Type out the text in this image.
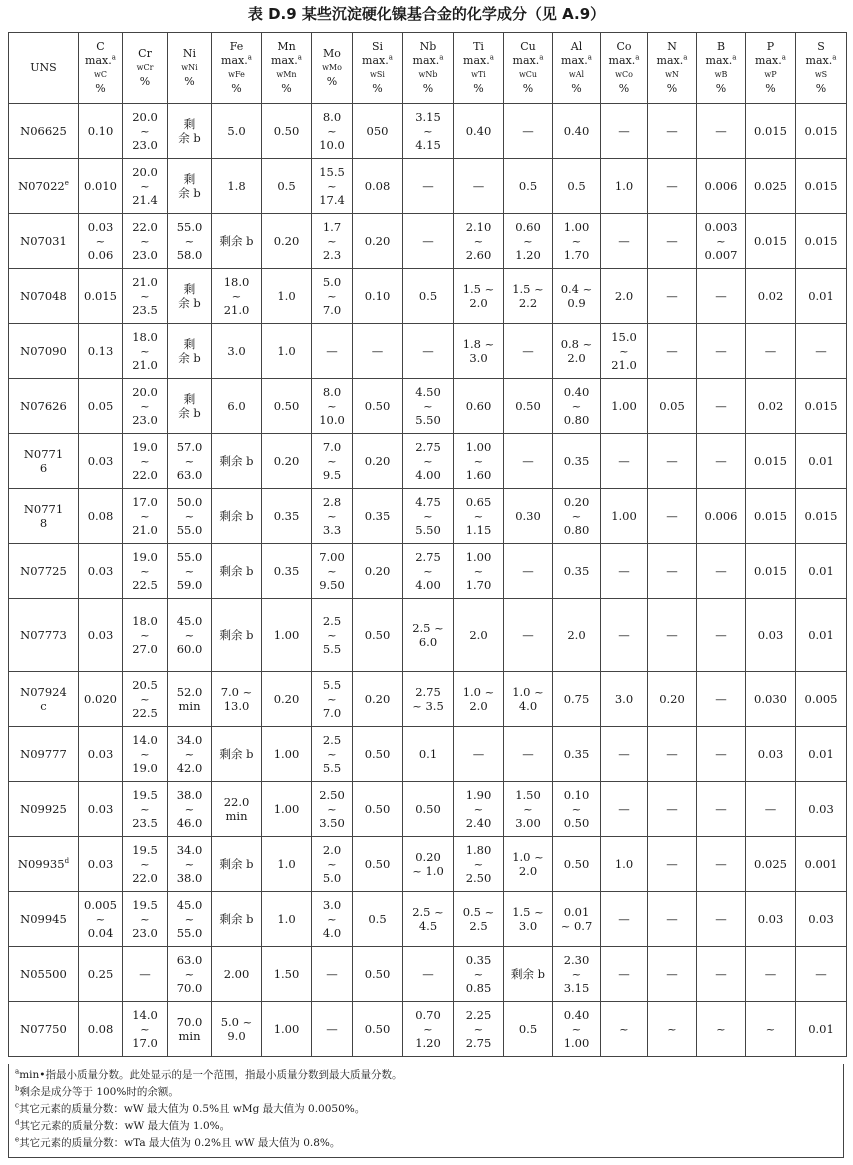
表 D.9 某些沉淀硬化镍基合金的化学成分（见 A.9）
UNS	C
max.$^a$
wC
%	Cr
wCr
%	Ni
wNi
%	Fe
max.$^a$
wFe
%	Mn
max.$^a$
wMn
%	Mo
wMo
%	Si
max.$^a$
wSi
%	Nb
max.$^a$
wNb
%	Ti
max.$^a$
wTi
%	Cu
max.$^a$
wCu
%	Al
max.$^a$
wAl
%	Co
max.$^a$
wCo
%	N
max.$^a$
wN
%	B
max.$^a$
wB
%	P
max.$^a$
wP
%	S
max.$^a$
wS
%

N06625	0.10	20.0
~
23.0	剩
余 b	5.0	0.50	8.0
~
10.0	050	3.15
~
4.15	0.40	—	0.40	—	—	—	0.015	0.015

N07022e	0.010	20.0
~
21.4	剩
余 b	1.8	0.5	15.5
~
17.4	0.08	—	—	0.5	0.5	1.0	—	0.006	0.025	0.015

N07031	0.03
~
0.06	22.0
~
23.0	55.0
~
58.0	剩余 b	0.20	1.7
~
2.3	0.20	—	2.10
~
2.60	0.60
~
1.20	1.00
~
1.70	—	—	0.003
~
0.007	0.015	0.015

N07048	0.015	21.0
~
23.5	剩
余 b	18.0
~
21.0	1.0	5.0
~
7.0	0.10	0.5	1.5 ~
2.0	1.5 ~
2.2	0.4 ~
0.9	2.0	—	—	0.02	0.01

N07090	0.13	18.0
~
21.0	剩
余 b	3.0	1.0	—	—	—	1.8 ~
3.0	—	0.8 ~
2.0	15.0
~
21.0	—	—	—	—

N07626	0.05	20.0
~
23.0	剩
余 b	6.0	0.50	8.0
~
10.0	0.50	4.50
~
5.50	0.60	0.50	0.40
~
0.80	1.00	0.05	—	0.02	0.015

N0771
6	0.03	19.0
~
22.0	57.0
~
63.0	剩余 b	0.20	7.0
~
9.5	0.20	2.75
~
4.00	1.00
~
1.60	—	0.35	—	—	—	0.015	0.01

N0771
8	0.08	17.0
~
21.0	50.0
~
55.0	剩余 b	0.35	2.8
~
3.3	0.35	4.75
~
5.50	0.65
~
1.15	0.30	0.20
~
0.80	1.00	—	0.006	0.015	0.015

N07725	0.03	19.0
~
22.5	55.0
~
59.0	剩余 b	0.35	7.00
~
9.50	0.20	2.75
~
4.00	1.00
~
1.70	—	0.35	—	—	—	0.015	0.01

N07773	0.03	18.0
~
27.0	45.0
~
60.0	剩余 b	1.00	2.5
~
5.5	0.50	2.5 ~
6.0	2.0	—	2.0	—	—	—	0.03	0.01

N07924
c	0.020	20.5
~
22.5	52.0
min	7.0 ~
13.0	0.20	5.5
~
7.0	0.20	2.75
~ 3.5	1.0 ~
2.0	1.0 ~
4.0	0.75	3.0	0.20	—	0.030	0.005

N09777	0.03	14.0
~
19.0	34.0
~
42.0	剩余 b	1.00	2.5
~
5.5	0.50	0.1	—	—	0.35	—	—	—	0.03	0.01

N09925	0.03	19.5
~
23.5	38.0
~
46.0	22.0
min	1.00	2.50
~
3.50	0.50	0.50	1.90
~
2.40	1.50
~
3.00	0.10
~
0.50	—	—	—	—	0.03

N09935$^d$	0.03	19.5
~
22.0	34.0
~
38.0	剩余 b	1.0	2.0
~
5.0	0.50	0.20
~ 1.0	1.80
~
2.50	1.0 ~
2.0	0.50	1.0	—	—	0.025	0.001

N09945	0.005
~
0.04	19.5
~
23.0	45.0
~
55.0	剩余 b	1.0	3.0
~
4.0	0.5	2.5 ~
4.5	0.5 ~
2.5	1.5 ~
3.0	0.01
~ 0.7	—	—	—	0.03	0.03

N05500	0.25	—	63.0
~
70.0	2.00	1.50	—	0.50	—	0.35
~
0.85	剩余 b	2.30
~
3.15	—	—	—	—	—

N07750	0.08	14.0
~
17.0	70.0
min	5.0 ~
9.0	1.00	—	0.50	0.70
~
1.20	2.25
~
2.75	0.5	0.40
~
1.00	~	~	~	~	0.01
$^a$min•指最小质量分数。此处显示的是一个范围，指最小质量分数到最大质量分数。
$^b$剩余是成分等于 100%时的余额。
$^c$其它元素的质量分数：wW 最大值为 0.5%且 wMg 最大值为 0.0050%。
$^d$其它元素的质量分数：wW 最大值为 1.0%。
$^e$其它元素的质量分数：wTa 最大值为 0.2%且 wW 最大值为 0.8%。
